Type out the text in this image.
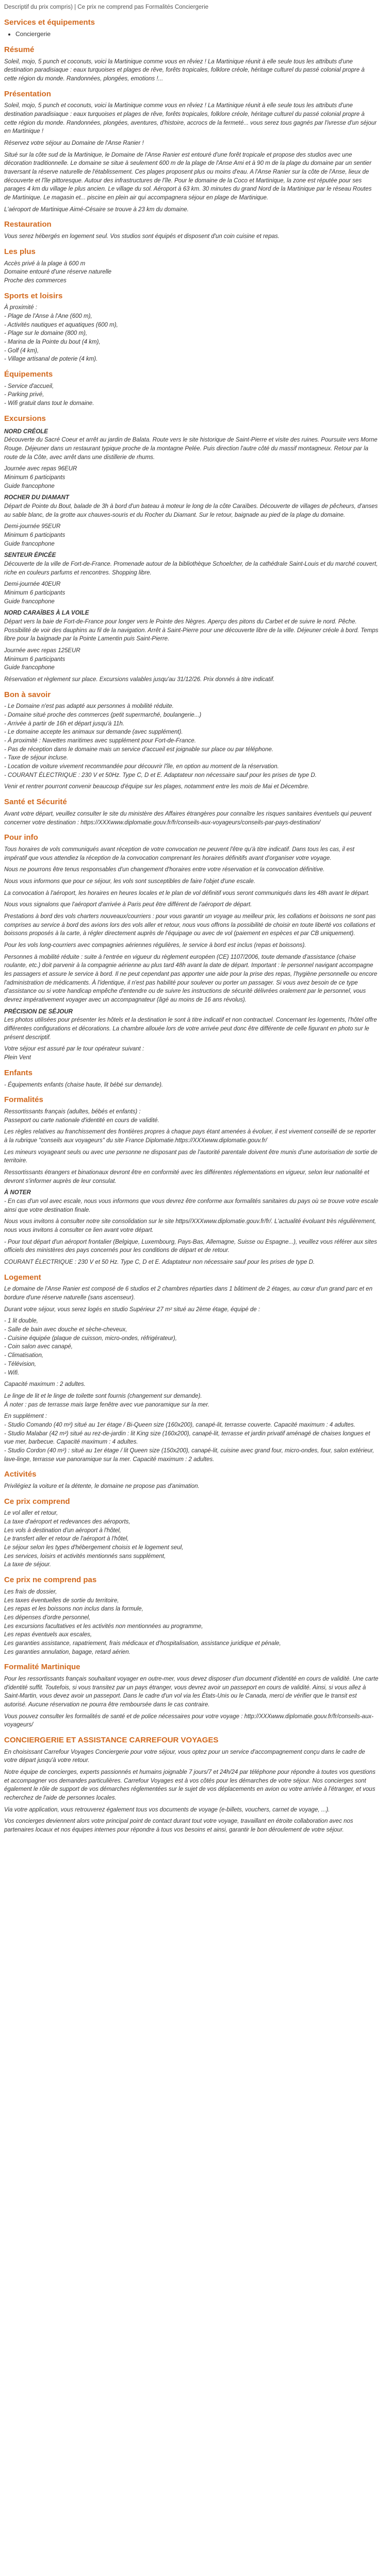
Descriptif du prix compris) | Ce prix ne comprend pas Formalités Conciergerie
Services et équipements
• Conciergerie
Résumé

Soleil, mojo, 5 punch et coconuts, voici la Martinique comme vous en rêviez ! La Martinique réunit à elle seule tous les attributs d'une destination paradisiaque : eaux turquoises et plages de rêve, forêts tropicales, folklore créole, héritage culturel du passé colonial propre à cette région du monde. Randonnées, plongées, emotions !...

Présentation

Soleil, mojo, 5 punch et coconuts, voici la Martinique comme vous en rêviez ! La Martinique réunit à elle seule tous les attributs d'une destination paradisiaque : eaux turquoises et plages de rêve, forêts tropicales, folklore créole, héritage culturel du passé colonial propre à cette région du monde. Randonnées, plongées, aventures, d'histoire, accrocs de la fermeté... vous serez tous gagnés par l'ivresse d'un séjour en Martinique !

Réservez votre séjour au Domaine de l'Anse Ranier !

Situé sur la côte sud de la Martinique, le Domaine de l'Anse Ranier est entouré d'une forêt tropicale et propose des studios avec une décoration traditionnelle. Le domaine se situe à seulement 600 m de la plage de l'Anse Ami et à 90 m de la plage du domaine par un sentier traversant la réserve naturelle de l'établissement. Ces plages proposent plus ou moins d'eau. A l'Anse Ranier sur la côte de l'Anse, lieux de découverte et l'île pittoresque. Autour des infrastructures de l'île. Pour le domaine de la Coco et Martinique, la zone est réputée pour ses parages 4 km du village le plus ancien. Le village du sol. Aéroport à 63 km. 30 minutes du grand Nord de la Martinique par le réseau Routes de Martinique. Le magasin et... piscine en plein air qui accompagnera séjour en plage de Martinique.

L'aéroport de Martinique Aimé-Césaire se trouve à 23 km du domaine.

Restauration

Vous serez hébergés en logement seul. Vos studios sont équipés et disposent d'un coin cuisine et repas.

Les plus

Accès privé à la plage à 600 m
Domaine entouré d'une réserve naturelle
Proche des commerces

Sports et loisirs

À proximité :
- Plage de l'Anse à l'Ane (600 m),
- Activités nautiques et aquatiques (600 m),
- Plage sur le domaine (800 m),
- Marina de la Pointe du bout (4 km),
- Golf (4 km),
- Village artisanal de poterie (4 km).

Équipements

- Service d'accueil,
- Parking privé,
- Wifi gratuit dans tout le domaine.

Excursions
NORD CRÉOLE

Découverte du Sacré Coeur et arrêt au jardin de Balata. Route vers le site historique de Saint-Pierre et visite des ruines. Poursuite vers Morne Rouge. Déjeuner dans un restaurant typique proche de la montagne Pelée. Puis direction l'autre côté du massif montagneux. Retour par la route de la Côte, avec arrêt dans une distillerie de rhums.

Journée avec repas 96EUR
Minimum 6 participants
Guide francophone

ROCHER DU DIAMANT

Départ de Pointe du Bout, balade de 3h à bord d'un bateau à moteur le long de la côte Caraïbes. Découverte de villages de pêcheurs, d'anses au sable blanc, de la grotte aux chauves-souris et du Rocher du Diamant. Sur le retour, baignade au pied de la plage du domaine.

Demi-journée 95EUR
Minimum 6 participants
Guide francophone

SENTEUR ÉPICÉE

Découverte de la ville de Fort-de-France. Promenade autour de la bibliothèque Schoelcher, de la cathédrale Saint-Louis et du marché couvert, riche en couleurs parfums et rencontres. Shopping libre.

Demi-journée 40EUR
Minimum 6 participants
Guide francophone

NORD CARAÏBES À LA VOILE

Départ vers la baie de Fort-de-France pour longer vers le Pointe des Nègres. Aperçu des pitons du Carbet et de suivre le nord. Pêche. Possibilité de voir des dauphins au fil de la navigation. Arrêt à Saint-Pierre pour une découverte libre de la ville. Déjeuner créole à bord. Temps libre pour la baignade par la Pointe Lamentin puis Saint-Pierre.

Journée avec repas 125EUR
Minimum 6 participants
Guide francophone

Réservation et règlement sur place. Excursions valables jusqu'au 31/12/26. Prix donnés à titre indicatif.

Bon à savoir

- Le Domaine n'est pas adapté aux personnes à mobilité réduite.
- Domaine situé proche des commerces (petit supermarché, boulangerie...)
- Arrivée à partir de 16h et départ jusqu'à 11h.
- Le domaine accepte les animaux sur demande (avec supplément).
- À proximité : Navettes maritimes avec supplément pour Fort-de-France.
- Pas de réception dans le domaine mais un service d'accueil est joignable sur place ou par téléphone.
- Taxe de séjour incluse.
- Location de voiture vivement recommandée pour découvrir l'île, en option au moment de la réservation.
- COURANT ÉLECTRIQUE : 230 V et 50Hz. Type C, D et E. Adaptateur non nécessaire sauf pour les prises de type D.

Venir et rentrer pourront convenir beaucoup d'équipe sur les plages, notamment entre les mois de Mai et Décembre.

Santé et Sécurité

Avant votre départ, veuillez consulter le site du ministère des Affaires étrangères pour connaître les risques sanitaires éventuels qui peuvent concerner votre destination : https://XXXwww.diplomatie.gouv.fr/fr/conseils-aux-voyageurs/conseils-par-pays-destination/

Pour info

Tous horaires de vols communiqués avant réception de votre convocation ne peuvent l'être qu'à titre indicatif. Dans tous les cas, il est impératif que vous attendiez la réception de la convocation comprenant les horaires définitifs avant d'organiser votre voyage.

Nous ne pourrons être tenus responsables d'un changement d'horaires entre votre réservation et la convocation définitive.

Nous vous informons que pour ce séjour, les vols sont susceptibles de faire l'objet d'une escale.

La convocation à l'aéroport, les horaires en heures locales et le plan de vol définitif vous seront communiqués dans les 48h avant le départ.

Nous vous signalons que l'aéroport d'arrivée à Paris peut être différent de l'aéroport de départ.

Prestations à bord des vols charters nouveaux/courriers : pour vous garantir un voyage au meilleur prix, les collations et boissons ne sont pas comprises au service à bord des avions lors des vols aller et retour, nous vous offrons la possibilité de choisir en toute liberté vos collations et boissons proposés à la carte, à régler directement auprès de l'équipage ou avec de vol (paiement en espèces et par CB uniquement).

Pour les vols long-courriers avec compagnies aériennes régulières, le service à bord est inclus (repas et boissons).

Personnes à mobilité réduite : suite à l'entrée en vigueur du règlement européen (CE) 1107/2006, toute demande d'assistance (chaise roulante, etc.) doit parvenir à la compagnie aérienne au plus tard 48h avant la date de départ. Important : le personnel navigant accompagne les passagers et assure le service à bord. Il ne peut cependant pas apporter une aide pour la prise des repas, l'hygiène personnelle ou encore l'administration de médicaments. À l'identique, il n'est pas habilité pour soulever ou porter un passager. Si vous avez besoin de ce type d'assistance ou si votre handicap empêche d'entendre ou de suivre les instructions de sécurité délivrées oralement par le personnel, vous devrez impérativement voyager avec un accompagnateur (âgé au moins de 16 ans révolus).

PRÉCISION DE SÉJOUR

Les photos utilisées pour présenter les hôtels et la destination le sont à titre indicatif et non contractuel. Concernant les logements, l'hôtel offre différentes configurations et décorations. La chambre allouée lors de votre arrivée peut donc être différente de celle figurant en photo sur le présent descriptif.

Votre séjour est assuré par le tour opérateur suivant :
Plein Vent

Enfants

- Équipements enfants (chaise haute, lit bébé sur demande).

Formalités

Ressortissants français (adultes, bébés et enfants) :
Passeport ou carte nationale d'identité en cours de validité.

Les règles relatives au franchissement des frontières propres à chaque pays étant amenées à évoluer, il est vivement conseillé de se reporter à la rubrique "conseils aux voyageurs" du site France Diplomatie.https://XXXwww.diplomatie.gouv.fr/

Les mineurs voyageant seuls ou avec une personne ne disposant pas de l'autorité parentale doivent être munis d'une autorisation de sortie de territoire.

Ressortissants étrangers et binationaux devront être en conformité avec les différentes réglementations en vigueur, selon leur nationalité et devront s'informer auprès de leur consulat.

À NOTER

- En cas d'un vol avec escale, nous vous informons que vous devrez être conforme aux formalités sanitaires du pays où se trouve votre escale ainsi que votre destination finale.

Nous vous invitons à consulter notre site consolidation sur le site https//XXXwww.diplomatie.gouv.fr/fr/. L'actualité évoluant très régulièrement, nous vous invitons à consulter ce lien avant votre départ.

- Pour tout départ d'un aéroport frontalier (Belgique, Luxembourg, Pays-Bas, Allemagne, Suisse ou Espagne...), veuillez vous référer aux sites officiels des ministères des pays concernés pour les conditions de départ et de retour.

COURANT ÉLECTRIQUE : 230 V et 50 Hz. Type C, D et E. Adaptateur non nécessaire sauf pour les prises de type D.

Logement

Le domaine de l'Anse Ranier est composé de 6 studios et 2 chambres réparties dans 1 bâtiment de 2 étages, au cœur d'un grand parc et en bordure d'une réserve naturelle (sans ascenseur).

Durant votre séjour, vous serez logés en studio Supérieur 27 m² situé au 2ème étage, équipé de :

- 1 lit double,
- Salle de bain avec douche et sèche-cheveux,
- Cuisine équipée (plaque de cuisson, micro-ondes, réfrigérateur),
- Coin salon avec canapé,
- Climatisation,
- Télévision,
- Wifi.

Capacité maximum : 2 adultes.

Le linge de lit et le linge de toilette sont fournis (changement sur demande).
À noter : pas de terrasse mais large fenêtre avec vue panoramique sur la mer.

En supplément :
- Studio Comando (40 m²) situé au 1er étage / Bi-Queen size (160x200), canapé-lit, terrasse couverte. Capacité maximum : 4 adultes.
- Studio Malabar (42 m²) situé au rez-de-jardin : lit King size (160x200), canapé-lit, terrasse et jardin privatif aménagé de chaises longues et vue mer, barbecue. Capacité maximum : 4 adultes.
- Studio Cordon (40 m²) : situé au 1er étage / lit Queen size (150x200), canapé-lit, cuisine avec grand four, micro-ondes, four, salon extérieur, lave-linge, terrasse vue panoramique sur la mer. Capacité maximum : 2 adultes.

Activités

Privilégiez la voiture et la détente, le domaine ne propose pas d'animation.

Ce prix comprend

Le vol aller et retour,
La taxe d'aéroport et redevances des aéroports,
Les vols à destination d'un aéroport à l'hôtel,
Le transfert aller et retour de l'aéroport à l'hôtel,
Le séjour selon les types d'hébergement choisis et le logement seul,
Les services, loisirs et activités mentionnés sans supplément,
La taxe de séjour.

Ce prix ne comprend pas

Les frais de dossier,
Les taxes éventuelles de sortie du territoire,
Les repas et les boissons non inclus dans la formule,
Les dépenses d'ordre personnel,
Les excursions facultatives et les activités non mentionnées au programme,
Les repas éventuels aux escales,
Les garanties assistance, rapatriement, frais médicaux et d'hospitalisation, assistance juridique et pénale,
Les garanties annulation, bagage, retard aérien.

Formalité Martinique

Pour les ressortissants français souhaitant voyager en outre-mer, vous devez disposer d'un document d'identité en cours de validité. Une carte d'identité suffit. Toutefois, si vous transitez par un pays étranger, vous devrez avoir un passeport en cours de validité. Ainsi, si vous allez à Saint-Martin, vous devez avoir un passeport. Dans le cadre d'un vol via les États-Unis ou le Canada, merci de vérifier que le transit est autorisé. Aucune réservation ne pourra être remboursée dans le cas contraire.

Vous pouvez consulter les formalités de santé et de police nécessaires pour votre voyage : http://XXXwww.diplomatie.gouv.fr/fr/conseils-aux-voyageurs/

CONCIERGERIE ET ASSISTANCE CARREFOUR VOYAGES

En choisissant Carrefour Voyages Conciergerie pour votre séjour, vous optez pour un service d'accompagnement conçu dans le cadre de votre départ jusqu'à votre retour.

Notre équipe de concierges, experts passionnés et humains joignable 7 jours/7 et 24h/24 par téléphone pour répondre à toutes vos questions et accompagner vos demandes particulières. Carrefour Voyages est à vos côtés pour les démarches de votre séjour. Nos concierges sont également le rôle de support de vos démarches réglementées sur le sujet de vos déplacements en avion ou votre arrivée à l'étranger, et vous recherchez de l'aide de personnes locales.

Via votre application, vous retrouverez également tous vos documents de voyage (e-billets, vouchers, carnet de voyage, ...).

Vos concierges deviennent alors votre principal point de contact durant tout votre voyage, travaillant en étroite collaboration avec nos partenaires locaux et nos équipes internes pour répondre à tous vos besoins et ainsi, garantir le bon déroulement de votre séjour.
